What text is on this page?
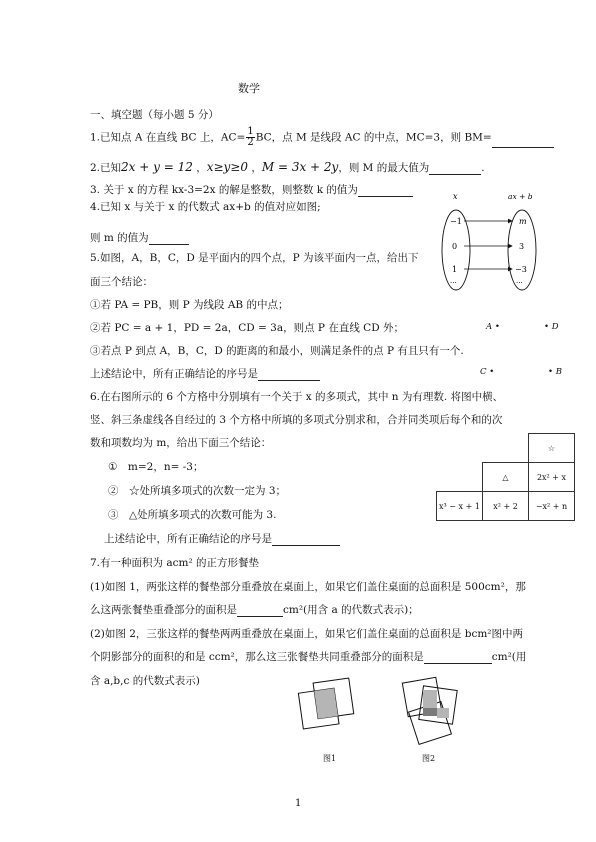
数学
一、填空题（每小题 5 分）
1.已知点 A 在直线 BC 上，$AC= \frac{1}{2}$ BC，点 M 是线段 AC 的中点，MC=3，则 BM=
2.已知2x + y = 12 ，x≥y≥0 ，M = 3x + 2y，则 M 的最大值为	.
3. 关于 x 的方程 kx-3=2x 的解是整数，则整数 k 的值为
4.已知 x 与关于 x 的代数式 ax+b 的值对应如图;
则 m 的值为
x	ax + b
−1
0
1
...
m
3
−3
...
5.如图，A，B，C，D 是平面内的四个点，P 为该平面内一点，给出下
面三个结论：
①若 PA = PB，则 P 为线段 AB 的中点；
②若 PC = a + 1，PD = 2a，CD = 3a，则点 P 在直线 CD 外；
③若点 P 到点 A，B，C，D 的距离的和最小，则满足条件的点 P 有且只有一个.
上述结论中，所有正确结论的序号是
A •	• D
C •	• B
6.在右图所示的 6 个方格中分别填有一个关于 x 的多项式，其中 n 为有理数. 将图中横、
竖、斜三条虚线各自经过的 3 个方格中所填的多项式分别求和，合并同类项后每个和的次
数和项数均为 m，给出下面三个结论：
①　m=2，n= -3；
②　☆处所填多项式的次数一定为 3；
③　△处所填多项式的次数可能为 3.
上述结论中，所有正确结论的序号是
		☆
	△	2x² + x
x³ − x + 1	x² + 2	−x² + n
7.有一种面积为 acm² 的正方形餐垫
(1)如图 1，两张这样的餐垫部分重叠放在桌面上，如果它们盖住桌面的总面积是 500cm²，那
么这两张餐垫重叠部分的面积是	cm²(用含 a 的代数式表示)；
(2)如图 2，三张这样的餐垫两两重叠放在桌面上，如果它们盖住桌面的总面积是 bcm²图中两
个阴影部分的面积的和是 ccm²，那么这三张餐垫共同重叠部分的面积是	cm²(用
含 a,b,c 的代数式表示)
图1	图2
1
